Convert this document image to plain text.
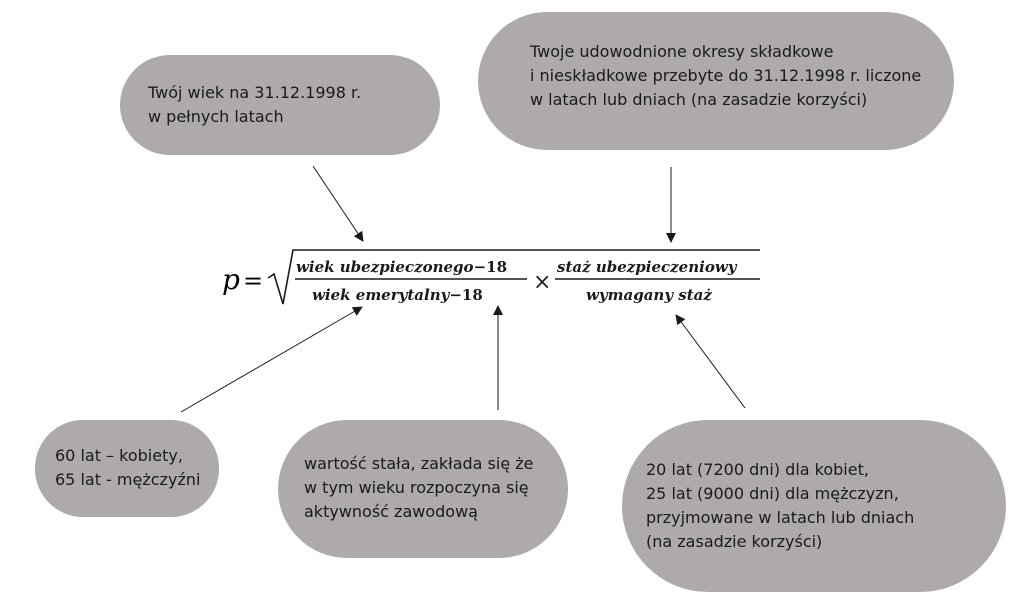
Twój wiek na 31.12.1998 r.
w pełnych latach
Twoje udowodnione okresy składkowe
i nieskładkowe przebyte do 31.12.1998 r. liczone
w latach lub dniach (na zasadzie korzyści)
60 lat – kobiety,
65 lat - mężczyźni
wartość stała, zakłada się że
w tym wieku rozpoczyna się
aktywność zawodową
20 lat (7200 dni) dla kobiet,
25 lat (9000 dni) dla mężczyzn,
przyjmowane w latach lub dniach
(na zasadzie korzyści)
p = wiek ubezpieczonego−18
wiek emerytalny−18 ×
staż ubezpieczeniowy
wymagany staż
